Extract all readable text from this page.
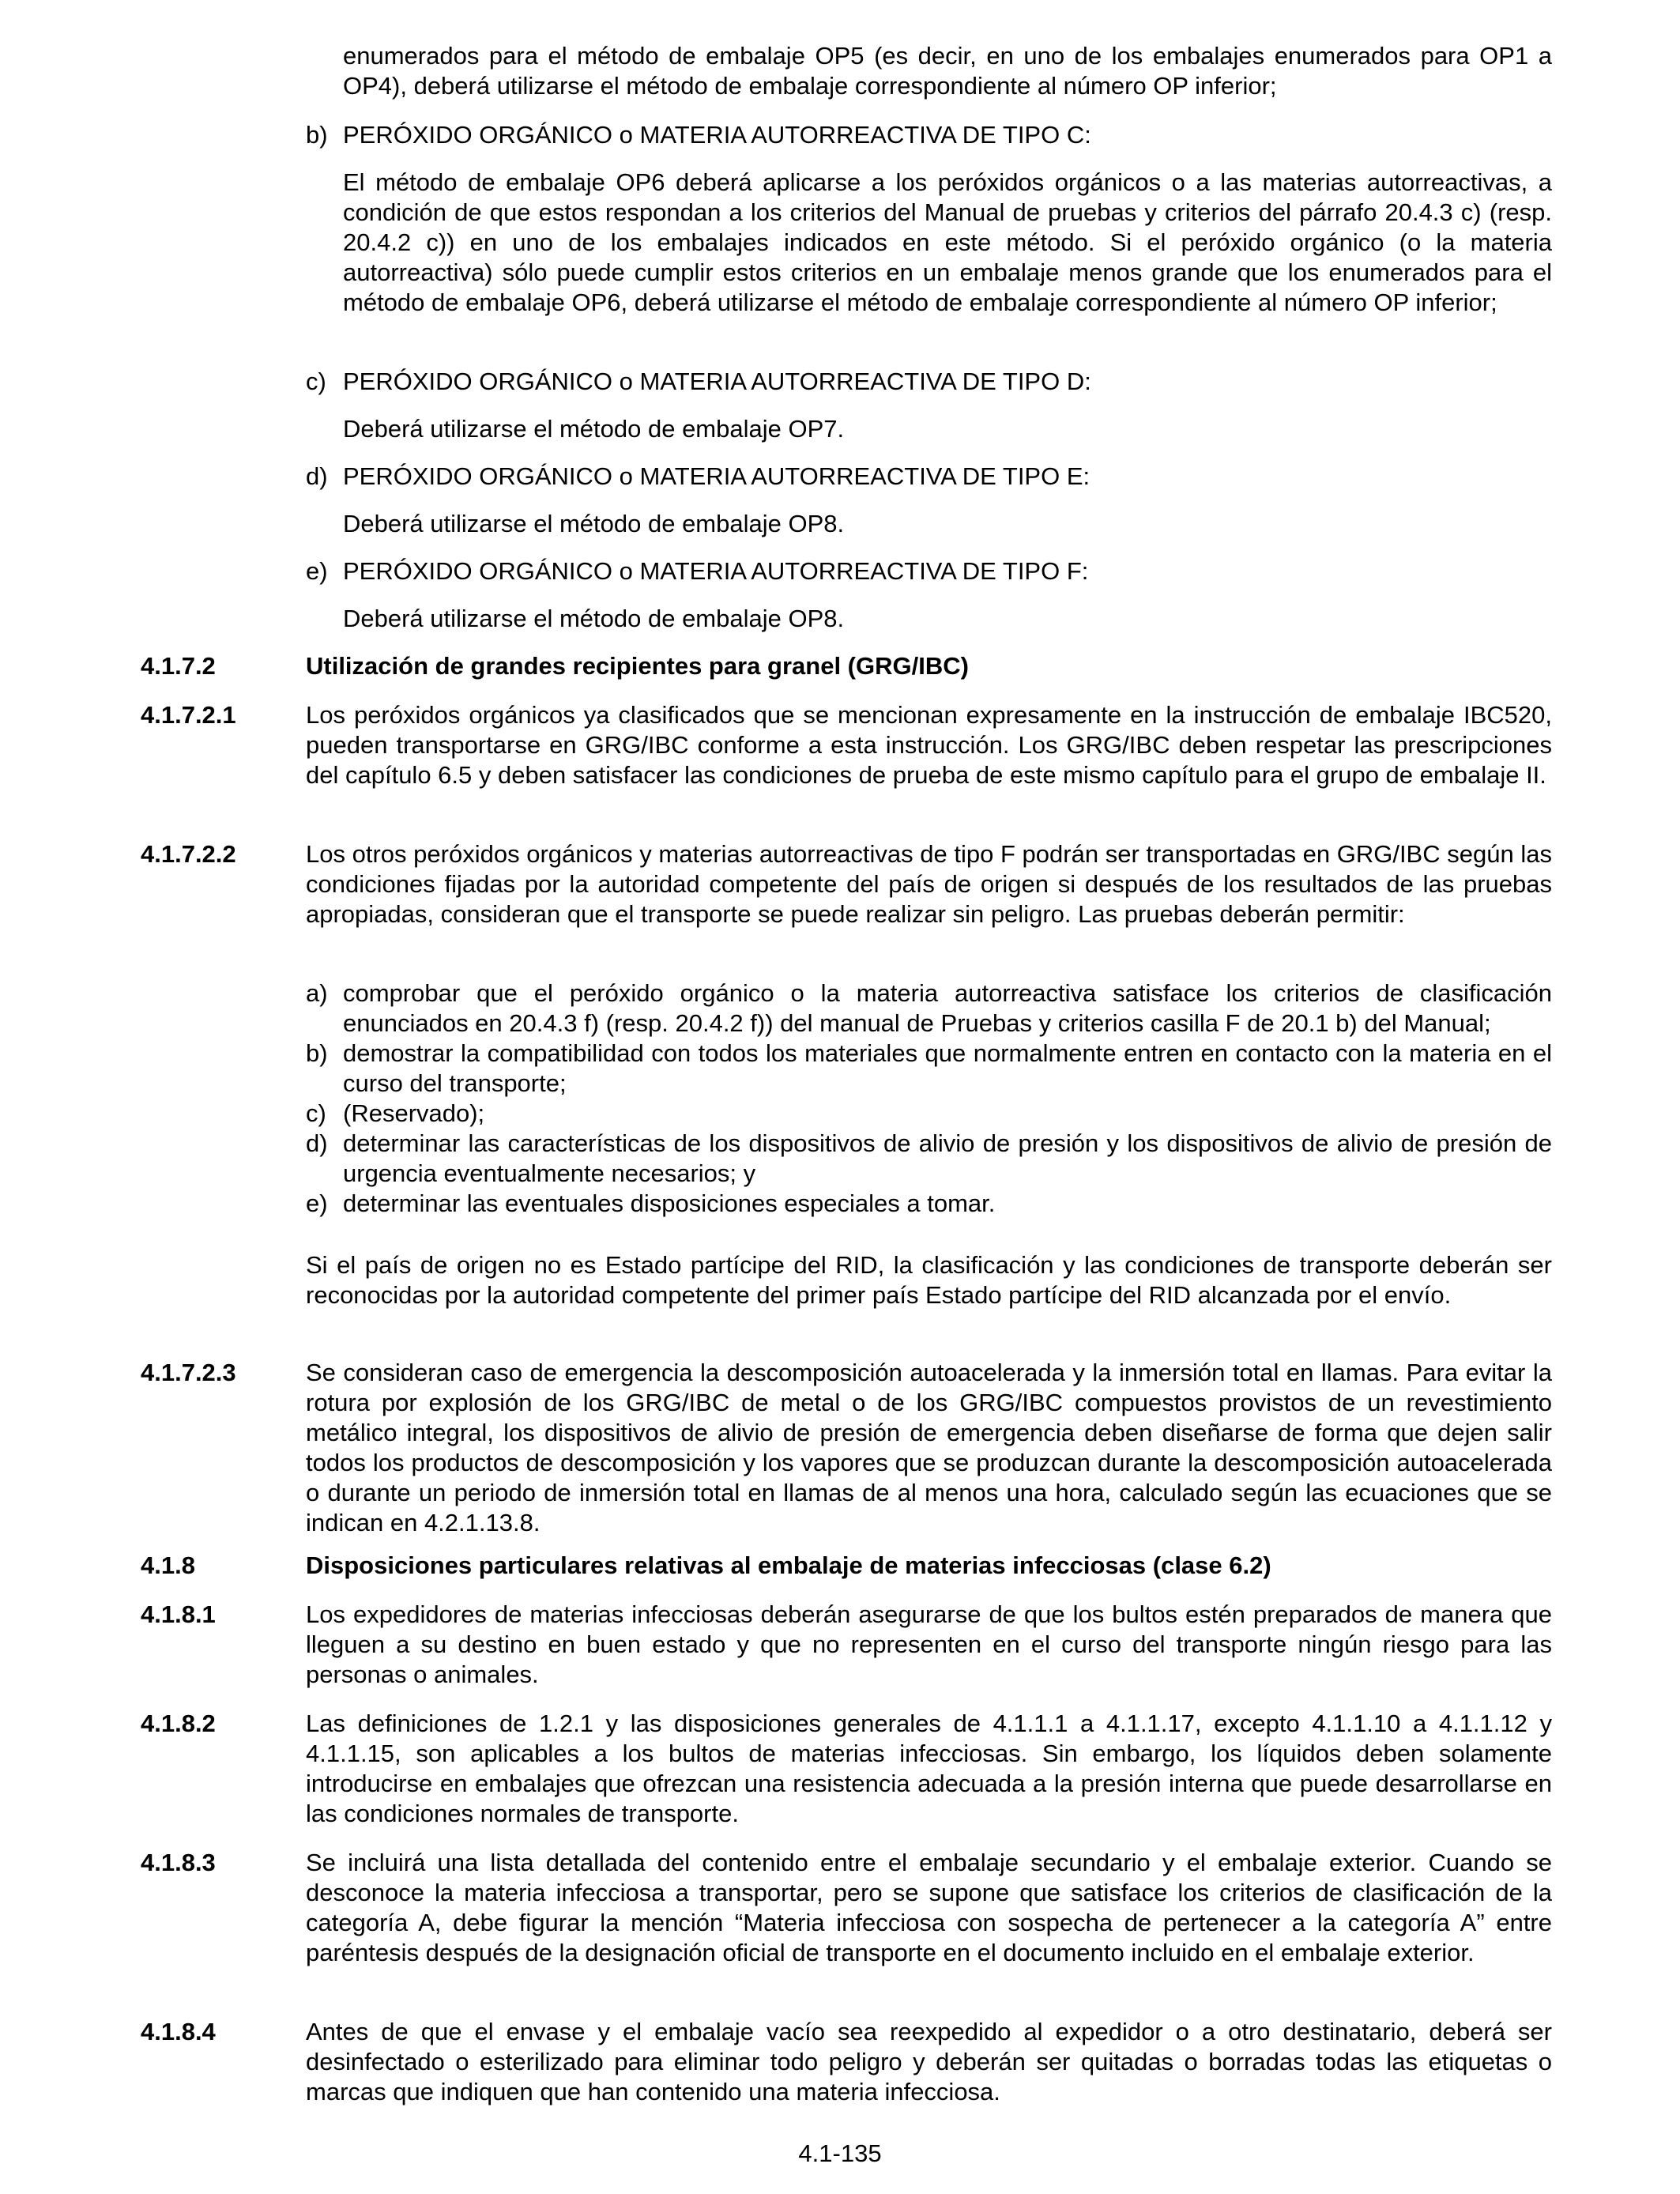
enumerados para el método de embalaje OP5 (es decir, en uno de los embalajes enumerados para OP1 a OP4), deberá utilizarse el método de embalaje correspondiente al número OP inferior;

b) PERÓXIDO ORGÁNICO o MATERIA AUTORREACTIVA DE TIPO C:

El método de embalaje OP6 deberá aplicarse a los peróxidos orgánicos o a las materias autorreactivas, a condición de que estos respondan a los criterios del Manual de pruebas y criterios del párrafo 20.4.3 c) (resp. 20.4.2 c)) en uno de los embalajes indicados en este método. Si el peróxido orgánico (o la materia autorreactiva) sólo puede cumplir estos criterios en un embalaje menos grande que los enumerados para el método de embalaje OP6, deberá utilizarse el método de embalaje correspondiente al número OP inferior;

c) PERÓXIDO ORGÁNICO o MATERIA AUTORREACTIVA DE TIPO D:

Deberá utilizarse el método de embalaje OP7.

d) PERÓXIDO ORGÁNICO o MATERIA AUTORREACTIVA DE TIPO E:

Deberá utilizarse el método de embalaje OP8.

e) PERÓXIDO ORGÁNICO o MATERIA AUTORREACTIVA DE TIPO F:

Deberá utilizarse el método de embalaje OP8.

4.1.7.2	Utilización de grandes recipientes para granel (GRG/IBC)
4.1.7.2.1	Los peróxidos orgánicos ya clasificados que se mencionan expresamente en la instrucción de embalaje IBC520, pueden transportarse en GRG/IBC conforme a esta instrucción. Los GRG/IBC deben respetar las prescripciones del capítulo 6.5 y deben satisfacer las condiciones de prueba de este mismo capítulo para el grupo de embalaje II.
4.1.7.2.2	Los otros peróxidos orgánicos y materias autorreactivas de tipo F podrán ser transportadas en GRG/IBC según las condiciones fijadas por la autoridad competente del país de origen si después de los resultados de las pruebas apropiadas, consideran que el transporte se puede realizar sin peligro. Las pruebas deberán permitir:
a) comprobar que el peróxido orgánico o la materia autorreactiva satisface los criterios de clasificación enunciados en 20.4.3 f) (resp. 20.4.2 f)) del manual de Pruebas y criterios casilla F de 20.1 b) del Manual;
b) demostrar la compatibilidad con todos los materiales que normalmente entren en contacto con la materia en el curso del transporte;
c) (Reservado);
d) determinar las características de los dispositivos de alivio de presión y los dispositivos de alivio de presión de urgencia eventualmente necesarios; y
e) determinar las eventuales disposiciones especiales a tomar.

Si el país de origen no es Estado partícipe del RID, la clasificación y las condiciones de transporte deberán ser reconocidas por la autoridad competente del primer país Estado partícipe del RID alcanzada por el envío.

4.1.7.2.3	Se consideran caso de emergencia la descomposición autoacelerada y la inmersión total en llamas. Para evitar la rotura por explosión de los GRG/IBC de metal o de los GRG/IBC compuestos provistos de un revestimiento metálico integral, los dispositivos de alivio de presión de emergencia deben diseñarse de forma que dejen salir todos los productos de descomposición y los vapores que se produzcan durante la descomposición autoacelerada o durante un periodo de inmersión total en llamas de al menos una hora, calculado según las ecuaciones que se indican en 4.2.1.13.8.
4.1.8	Disposiciones particulares relativas al embalaje de materias infecciosas (clase 6.2)
4.1.8.1	Los expedidores de materias infecciosas deberán asegurarse de que los bultos estén preparados de manera que lleguen a su destino en buen estado y que no representen en el curso del transporte ningún riesgo para las personas o animales.
4.1.8.2	Las definiciones de 1.2.1 y las disposiciones generales de 4.1.1.1 a 4.1.1.17, excepto 4.1.1.10 a 4.1.1.12 y 4.1.1.15, son aplicables a los bultos de materias infecciosas. Sin embargo, los líquidos deben solamente introducirse en embalajes que ofrezcan una resistencia adecuada a la presión interna que puede desarrollarse en las condiciones normales de transporte.
4.1.8.3	Se incluirá una lista detallada del contenido entre el embalaje secundario y el embalaje exterior. Cuando se desconoce la materia infecciosa a transportar, pero se supone que satisface los criterios de clasificación de la categoría A, debe figurar la mención “Materia infecciosa con sospecha de pertenecer a la categoría A” entre paréntesis después de la designación oficial de transporte en el documento incluido en el embalaje exterior.
4.1.8.4	Antes de que el envase y el embalaje vacío sea reexpedido al expedidor o a otro destinatario, deberá ser desinfectado o esterilizado para eliminar todo peligro y deberán ser quitadas o borradas todas las etiquetas o marcas que indiquen que han contenido una materia infecciosa.
4.1-135
